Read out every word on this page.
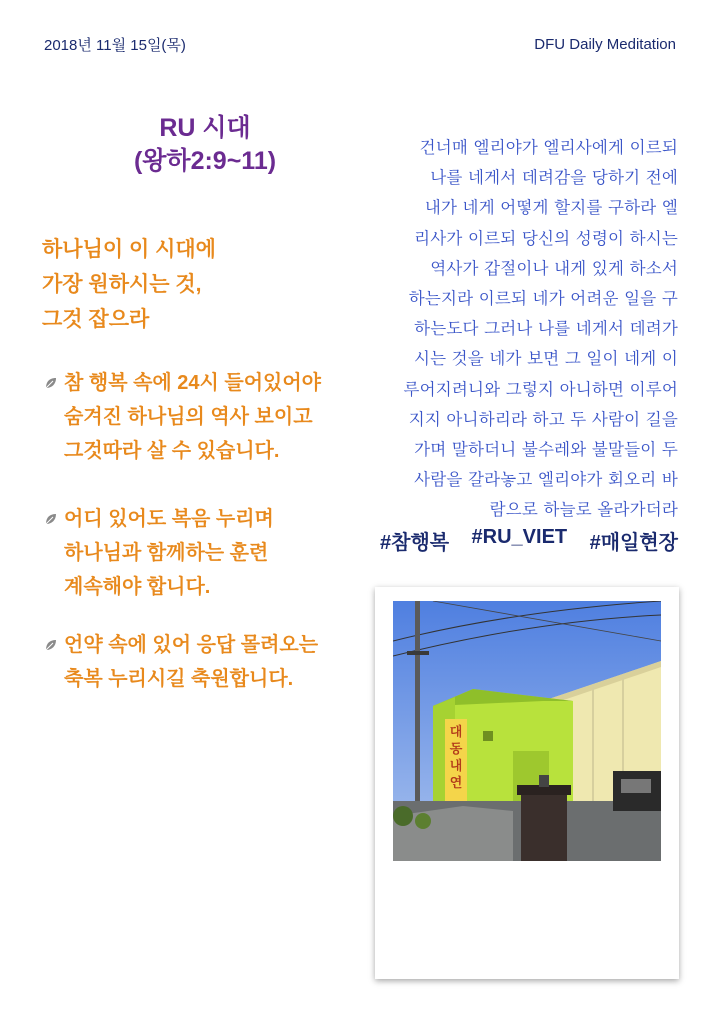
2018년 11월 15일(목)	DFU Daily Meditation
RU 시대
(왕하2:9~11)
하나님이 이 시대에
가장 원하시는 것,
그것 잡으라
참 행복 속에 24시 들어있어야
숨겨진 하나님의 역사 보이고
그것따라 살 수 있습니다.
어디 있어도 복음 누리며
하나님과 함께하는 훈련
계속해야 합니다.
언약 속에 있어 응답 몰려오는
축복 누리시길 축원합니다.
건너매 엘리야가 엘리사에게 이르되
나를 네게서 데려감을 당하기 전에
내가 네게 어떻게 할지를 구하라 엘
리사가 이르되 당신의 성령이 하시는
역사가 갑절이나 내게 있게 하소서
하는지라 이르되 네가 어려운 일을 구
하는도다 그러나 나를 네게서 데려가
시는 것을 네가 보면 그 일이 네게 이
루어지려니와 그렇지 아니하면 이루어
지지 아니하리라 하고 두 사람이 길을
가며 말하더니 불수레와 불말들이 두
사람을 갈라놓고 엘리야가 회오리 바
람으로 하늘로 올라가더라
#참행복 #RU_VIET #매일현장
대 동 내 연
